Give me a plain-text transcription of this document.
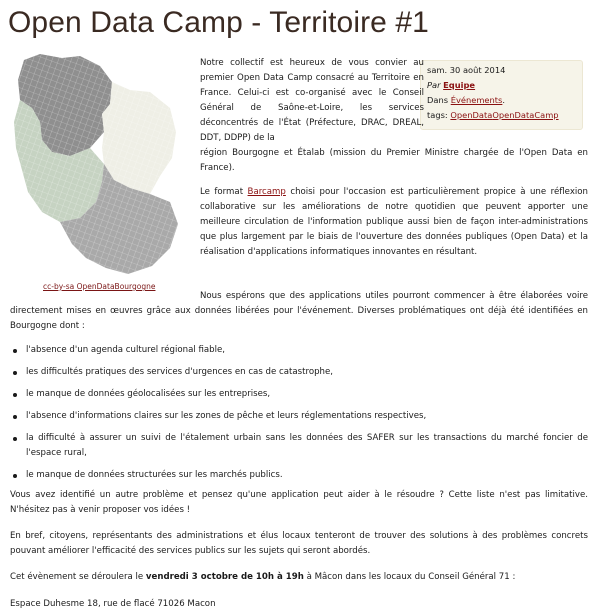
Open Data Camp - Territoire #1
cc-by-sa OpenDataBourgogne
sam. 30 août 2014
Par Equipe
Dans Événements.
tags: OpenDataOpenDataCamp

Notre collectif est heureux de vous convier au premier Open Data Camp consacré au Territoire en France. Celui-ci est co-organisé avec le Conseil Général de Saône-et-Loire, les services déconcentrés de l'État (Préfecture, DRAC, DREAL, DDT, DDPP) de la

région Bourgogne et Étalab (mission du Premier Ministre chargée de l'Open Data en France).

Le format Barcamp choisi pour l'occasion est particulièrement propice à une réflexion collaborative sur les améliorations de notre quotidien que peuvent apporter une meilleure circulation de l'information publique aussi bien de façon inter-administrations que plus largement par le biais de l'ouverture des données publiques (Open Data) et la réalisation d'applications informatiques innovantes en résultant.

Nous espérons que des applications utiles pourront commencer à être élaborées voire directement mises en œuvres grâce aux données libérées pour l'événement. Diverses problématiques ont déjà été identifiées en Bourgogne dont :

l'absence d'un agenda culturel régional fiable,
les difficultés pratiques des services d'urgences en cas de catastrophe,
le manque de données géolocalisées sur les entreprises,
l'absence d'informations claires sur les zones de pêche et leurs réglementations respectives,
la difficulté à assurer un suivi de l'étalement urbain sans les données des SAFER sur les transactions du marché foncier de l'espace rural,
le manque de données structurées sur les marchés publics.

Vous avez identifié un autre problème et pensez qu'une application peut aider à le résoudre ? Cette liste n'est pas limitative. N'hésitez pas à venir proposer vos idées !

En bref, citoyens, représentants des administrations et élus locaux tenteront de trouver des solutions à des problèmes concrets pouvant améliorer l'efficacité des services publics sur les sujets qui seront abordés.

Cet évènement se déroulera le vendredi 3 octobre de 10h à 19h à Mâcon dans les locaux du Conseil Général 71 :

Espace Duhesme 18, rue de flacé 71026 Macon
